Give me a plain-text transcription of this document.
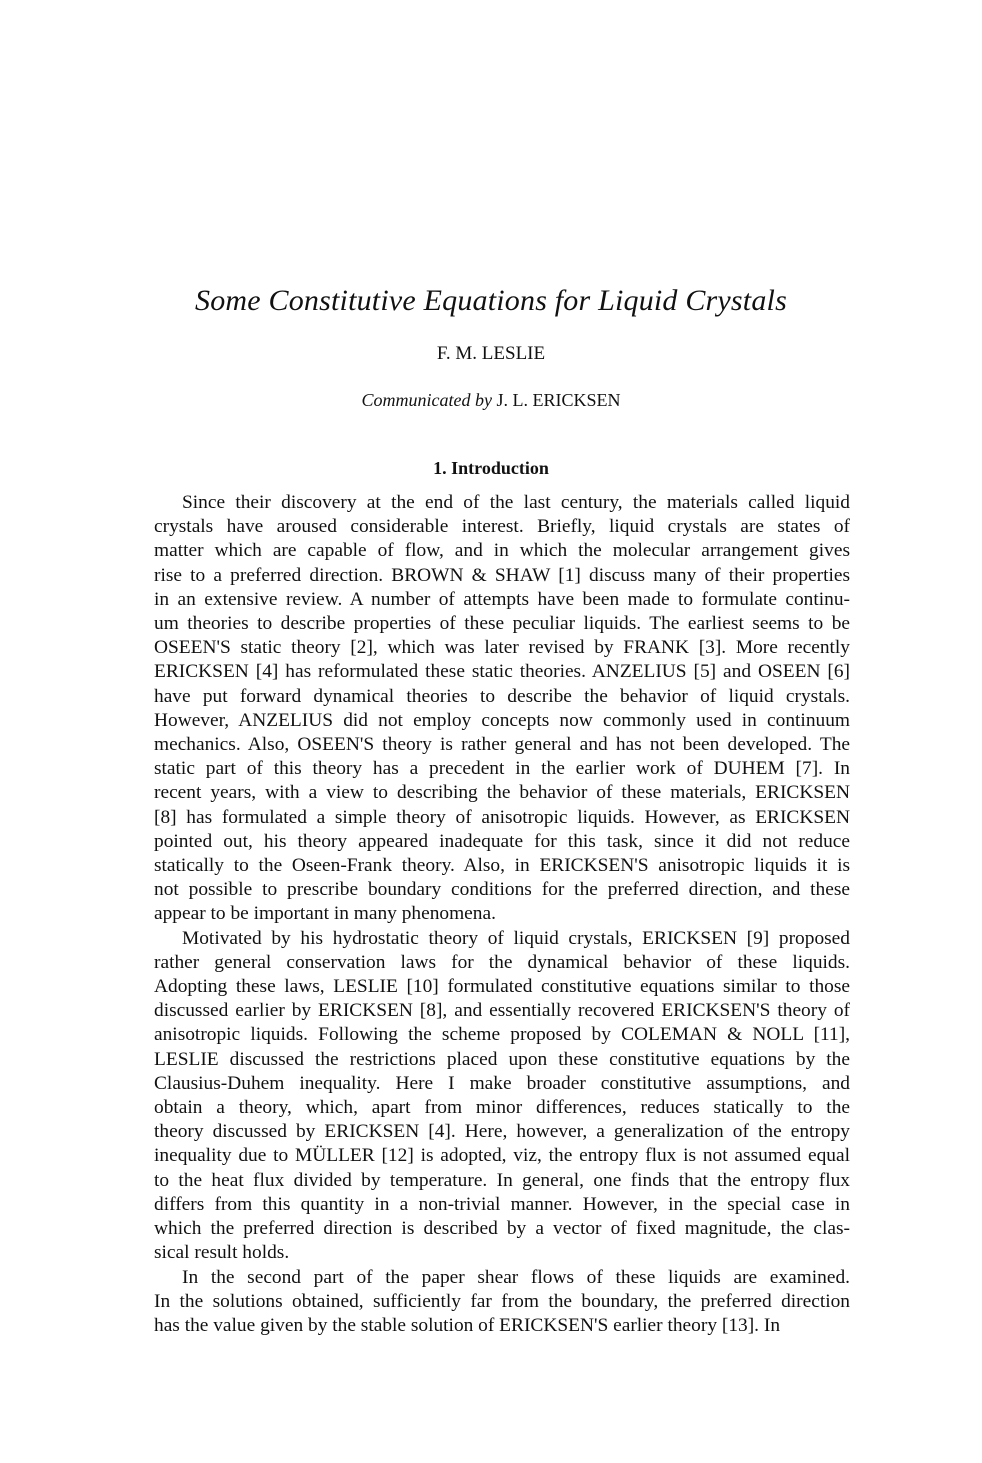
Some Constitutive Equations for Liquid Crystals
F. M. LESLIE
Communicated by J. L. ERICKSEN
1. Introduction

Since their discovery at the end of the last century, the materials called liquid
crystals have aroused considerable interest. Briefly, liquid crystals are states of
matter which are capable of flow, and in which the molecular arrangement gives
rise to a preferred direction. BROWN & SHAW [1] discuss many of their properties
in an extensive review. A number of attempts have been made to formulate continu-
um theories to describe properties of these peculiar liquids. The earliest seems to be
OSEEN'S static theory [2], which was later revised by FRANK [3]. More recently
ERICKSEN [4] has reformulated these static theories. ANZELIUS [5] and OSEEN [6]
have put forward dynamical theories to describe the behavior of liquid crystals.
However, ANZELIUS did not employ concepts now commonly used in continuum
mechanics. Also, OSEEN'S theory is rather general and has not been developed. The
static part of this theory has a precedent in the earlier work of DUHEM [7]. In
recent years, with a view to describing the behavior of these materials, ERICKSEN
[8] has formulated a simple theory of anisotropic liquids. However, as ERICKSEN
pointed out, his theory appeared inadequate for this task, since it did not reduce
statically to the Oseen-Frank theory. Also, in ERICKSEN'S anisotropic liquids it is
not possible to prescribe boundary conditions for the preferred direction, and these
appear to be important in many phenomena.

Motivated by his hydrostatic theory of liquid crystals, ERICKSEN [9] proposed
rather general conservation laws for the dynamical behavior of these liquids.
Adopting these laws, LESLIE [10] formulated constitutive equations similar to those
discussed earlier by ERICKSEN [8], and essentially recovered ERICKSEN'S theory of
anisotropic liquids. Following the scheme proposed by COLEMAN & NOLL [11],
LESLIE discussed the restrictions placed upon these constitutive equations by the
Clausius-Duhem inequality. Here I make broader constitutive assumptions, and
obtain a theory, which, apart from minor differences, reduces statically to the
theory discussed by ERICKSEN [4]. Here, however, a generalization of the entropy
inequality due to MÜLLER [12] is adopted, viz, the entropy flux is not assumed equal
to the heat flux divided by temperature. In general, one finds that the entropy flux
differs from this quantity in a non-trivial manner. However, in the special case in
which the preferred direction is described by a vector of fixed magnitude, the clas-
sical result holds.

In the second part of the paper shear flows of these liquids are examined.
In the solutions obtained, sufficiently far from the boundary, the preferred direction
has the value given by the stable solution of ERICKSEN'S earlier theory [13]. In
